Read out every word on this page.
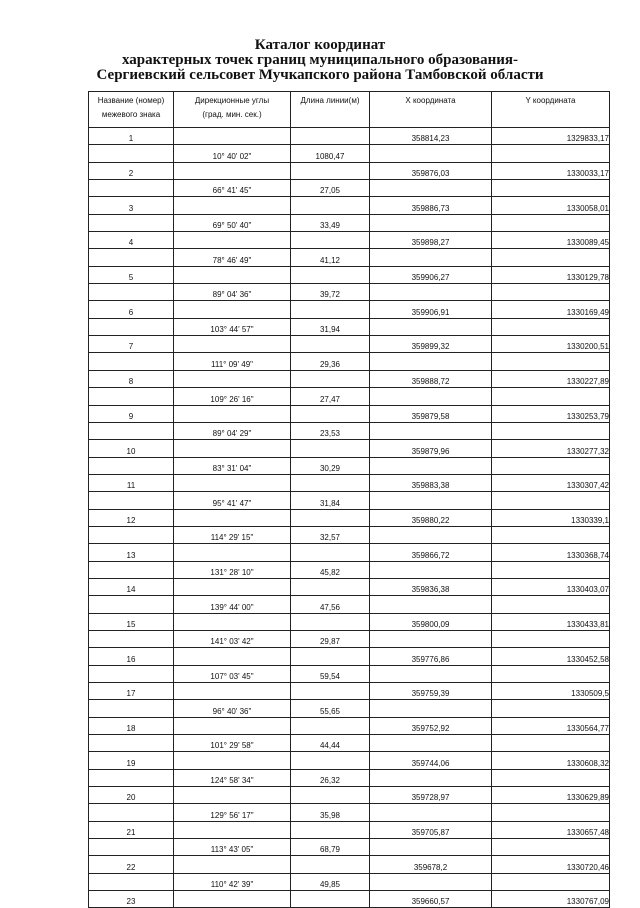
Каталог координат
характерных точек границ муниципального образования-
Сергиевский сельсовет Мучкапского района Тамбовской области
Название (номер)
межевого знака	Дирекционные углы
(град. мин. сек.)	Длина линии(м)	X координата	Y координата
1			358814,23	1329833,17
	10° 40' 02"	1080,47		
2			359876,03	1330033,17
	66° 41' 45"	27,05		
3			359886,73	1330058,01
	69° 50' 40"	33,49		
4			359898,27	1330089,45
	78° 46' 49"	41,12		
5			359906,27	1330129,78
	89° 04' 36"	39,72		
6			359906,91	1330169,49
	103° 44' 57"	31,94		
7			359899,32	1330200,51
	111° 09' 49"	29,36		
8			359888,72	1330227,89
	109° 26' 16"	27,47		
9			359879,58	1330253,79
	89° 04' 29"	23,53		
10			359879,96	1330277,32
	83° 31' 04"	30,29		
11			359883,38	1330307,42
	95° 41' 47"	31,84		
12			359880,22	1330339,1
	114° 29' 15"	32,57		
13			359866,72	1330368,74
	131° 28' 10"	45,82		
14			359836,38	1330403,07
	139° 44' 00"	47,56		
15			359800,09	1330433,81
	141° 03' 42"	29,87		
16			359776,86	1330452,58
	107° 03' 45"	59,54		
17			359759,39	1330509,5
	96° 40' 36"	55,65		
18			359752,92	1330564,77
	101° 29' 58"	44,44		
19			359744,06	1330608,32
	124° 58' 34"	26,32		
20			359728,97	1330629,89
	129° 56' 17"	35,98		
21			359705,87	1330657,48
	113° 43' 05"	68,79		
22			359678,2	1330720,46
	110° 42' 39"	49,85		
23			359660,57	1330767,09
